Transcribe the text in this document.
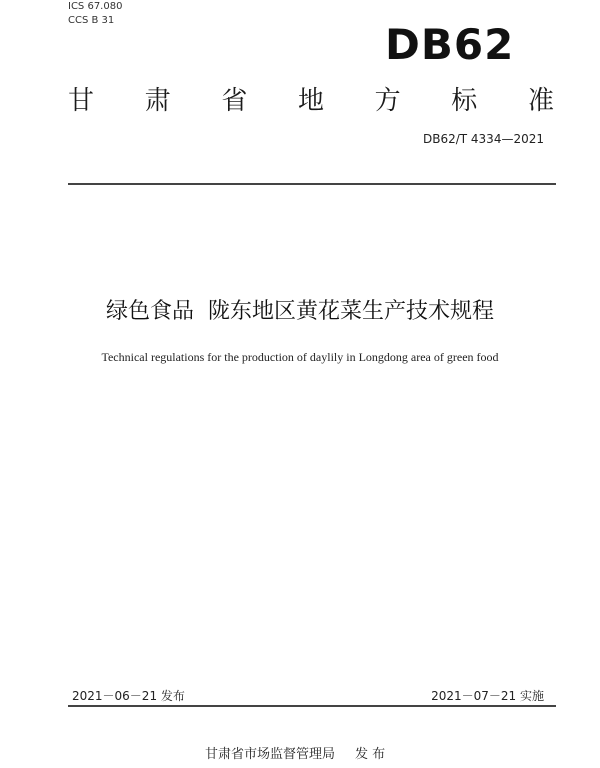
ICS 67.080
CCS B 31	DB62
甘 肃 省 地 方 标 准
DB62/T 4334—2021
绿色食品  陇东地区黄花菜生产技术规程
Technical regulations for the production of daylily in Longdong area of green food
2021－06－21 发布	2021－07－21 实施
甘肃省市场监督管理局 发 布
